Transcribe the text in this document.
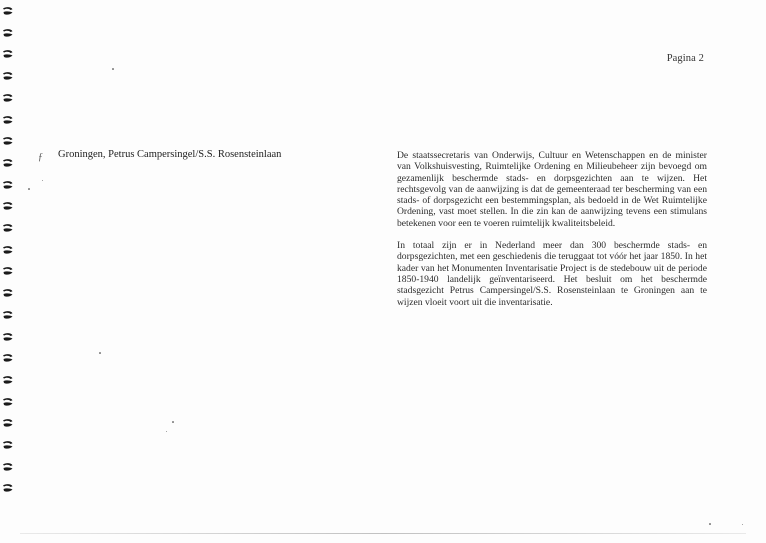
Pagina 2
ƒ Groningen, Petrus Campersingel/S.S. Rosensteinlaan	De staatssecretaris van Onderwijs, Cultuur en Wetenschappen en de minister van Volkshuisvesting, Ruimtelijke Ordening en Milieubeheer zijn bevoegd om gezamenlijk beschermde stads- en dorpsgezichten aan te wijzen. Het rechtsgevolg van de aanwijzing is dat de gemeenteraad ter bescherming van een stads- of dorpsgezicht een bestemmingsplan, als bedoeld in de Wet Ruimtelijke Ordening, vast moet stellen. In die zin kan de aanwijzing tevens een stimulans betekenen voor een te voeren ruimtelijk kwaliteitsbeleid.

In totaal zijn er in Nederland meer dan 300 beschermde stads- en dorpsgezichten, met een geschiedenis die teruggaat tot vóór het jaar 1850. In het kader van het Monumenten Inventarisatie Project is de stedebouw uit de periode 1850-1940 landelijk geïnventariseerd. Het besluit om het beschermde stadsgezicht Petrus Campersingel/S.S. Rosensteinlaan te Groningen aan te wijzen vloeit voort uit die inventarisatie.
